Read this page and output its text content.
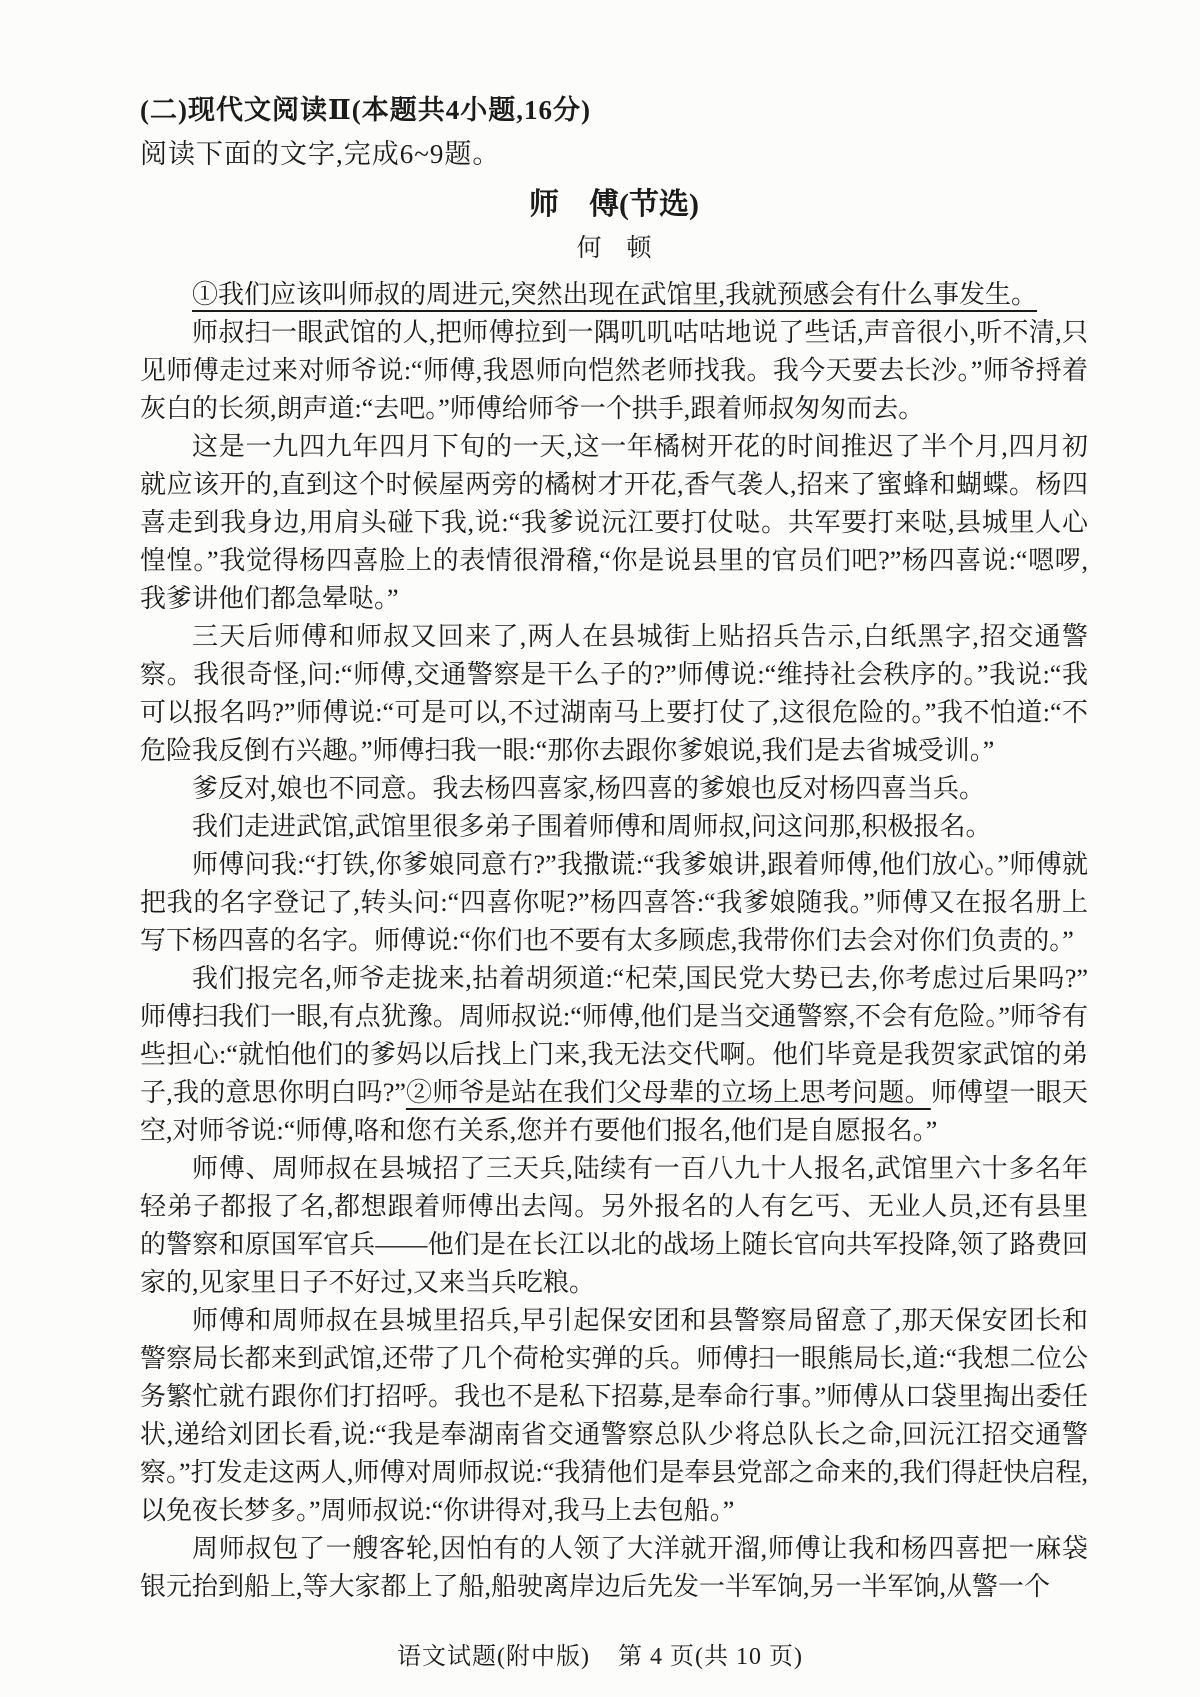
(二)现代文阅读Ⅱ(本题共4小题,16分)
阅读下面的文字,完成6~9题。
师　傅(节选)
何　顿

①我们应该叫师叔的周进元,突然出现在武馆里,我就预感会有什么事发生。

师叔扫一眼武馆的人,把师傅拉到一隅叽叽咕咕地说了些话,声音很小,听不清,只见师傅走过来对师爷说:“师傅,我恩师向恺然老师找我。我今天要去长沙。”师爷捋着灰白的长须,朗声道:“去吧。”师傅给师爷一个拱手,跟着师叔匆匆而去。

这是一九四九年四月下旬的一天,这一年橘树开花的时间推迟了半个月,四月初就应该开的,直到这个时候屋两旁的橘树才开花,香气袭人,招来了蜜蜂和蝴蝶。杨四喜走到我身边,用肩头碰下我,说:“我爹说沅江要打仗哒。共军要打来哒,县城里人心惶惶。”我觉得杨四喜脸上的表情很滑稽,“你是说县里的官员们吧?”杨四喜说:“嗯啰,我爹讲他们都急晕哒。”

三天后师傅和师叔又回来了,两人在县城街上贴招兵告示,白纸黑字,招交通警察。我很奇怪,问:“师傅,交通警察是干么子的?”师傅说:“维持社会秩序的。”我说:“我可以报名吗?”师傅说:“可是可以,不过湖南马上要打仗了,这很危险的。”我不怕道:“不危险我反倒冇兴趣。”师傅扫我一眼:“那你去跟你爹娘说,我们是去省城受训。”

爹反对,娘也不同意。我去杨四喜家,杨四喜的爹娘也反对杨四喜当兵。

我们走进武馆,武馆里很多弟子围着师傅和周师叔,问这问那,积极报名。

师傅问我:“打铁,你爹娘同意冇?”我撒谎:“我爹娘讲,跟着师傅,他们放心。”师傅就把我的名字登记了,转头问:“四喜你呢?”杨四喜答:“我爹娘随我。”师傅又在报名册上写下杨四喜的名字。师傅说:“你们也不要有太多顾虑,我带你们去会对你们负责的。”

我们报完名,师爷走拢来,拈着胡须道:“杞荣,国民党大势已去,你考虑过后果吗?”师傅扫我们一眼,有点犹豫。周师叔说:“师傅,他们是当交通警察,不会有危险。”师爷有些担心:“就怕他们的爹妈以后找上门来,我无法交代啊。他们毕竟是我贺家武馆的弟子,我的意思你明白吗?”②师爷是站在我们父母辈的立场上思考问题。师傅望一眼天空,对师爷说:“师傅,咯和您冇关系,您并冇要他们报名,他们是自愿报名。”

师傅、周师叔在县城招了三天兵,陆续有一百八九十人报名,武馆里六十多名年轻弟子都报了名,都想跟着师傅出去闯。另外报名的人有乞丐、无业人员,还有县里的警察和原国军官兵——他们是在长江以北的战场上随长官向共军投降,领了路费回家的,见家里日子不好过,又来当兵吃粮。

师傅和周师叔在县城里招兵,早引起保安团和县警察局留意了,那天保安团长和警察局长都来到武馆,还带了几个荷枪实弹的兵。师傅扫一眼熊局长,道:“我想二位公务繁忙就冇跟你们打招呼。我也不是私下招募,是奉命行事。”师傅从口袋里掏出委任状,递给刘团长看,说:“我是奉湖南省交通警察总队少将总队长之命,回沅江招交通警察。”打发走这两人,师傅对周师叔说:“我猜他们是奉县党部之命来的,我们得赶快启程,以免夜长梦多。”周师叔说:“你讲得对,我马上去包船。”

周师叔包了一艘客轮,因怕有的人领了大洋就开溜,师傅让我和杨四喜把一麻袋银元抬到船上,等大家都上了船,船驶离岸边后先发一半军饷,另一半军饷,从警一个

语文试题(附中版) 第 4 页(共 10 页)
